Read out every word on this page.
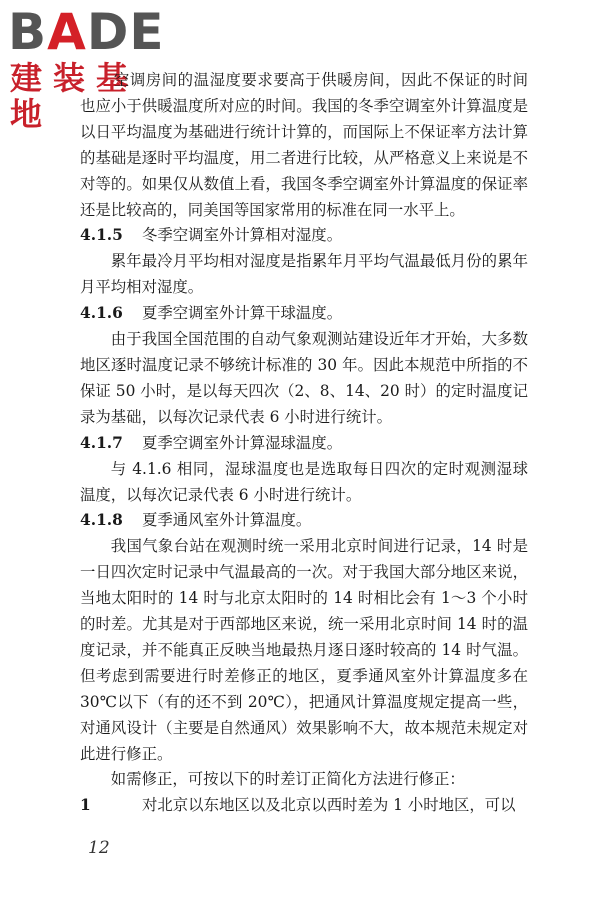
BADE
建装基地

空调房间的温湿度要求要高于供暖房间，因此不保证的时间也应小于供暖温度所对应的时间。我国的冬季空调室外计算温度是以日平均温度为基础进行统计计算的，而国际上不保证率方法计算的基础是逐时平均温度，用二者进行比较，从严格意义上来说是不对等的。如果仅从数值上看，我国冬季空调室外计算温度的保证率还是比较高的，同美国等国家常用的标准在同一水平上。

4.1.5 冬季空调室外计算相对湿度。

累年最冷月平均相对湿度是指累年月平均气温最低月份的累年月平均相对湿度。

4.1.6 夏季空调室外计算干球温度。

由于我国全国范围的自动气象观测站建设近年才开始，大多数地区逐时温度记录不够统计标准的 30 年。因此本规范中所指的不保证 50 小时，是以每天四次（2、8、14、20 时）的定时温度记录为基础，以每次记录代表 6 小时进行统计。

4.1.7 夏季空调室外计算湿球温度。

与 4.1.6 相同，湿球温度也是选取每日四次的定时观测湿球温度，以每次记录代表 6 小时进行统计。

4.1.8 夏季通风室外计算温度。

我国气象台站在观测时统一采用北京时间进行记录，14 时是一日四次定时记录中气温最高的一次。对于我国大部分地区来说，当地太阳时的 14 时与北京太阳时的 14 时相比会有 1～3 个小时的时差。尤其是对于西部地区来说，统一采用北京时间 14 时的温度记录，并不能真正反映当地最热月逐日逐时较高的 14 时气温。但考虑到需要进行时差修正的地区，夏季通风室外计算温度多在 30℃以下（有的还不到 20℃），把通风计算温度规定提高一些，对通风设计（主要是自然通风）效果影响不大，故本规范未规定对此进行修正。

如需修正，可按以下的时差订正简化方法进行修正：

1	对北京以东地区以及北京以西时差为 1 小时地区，可以

12
